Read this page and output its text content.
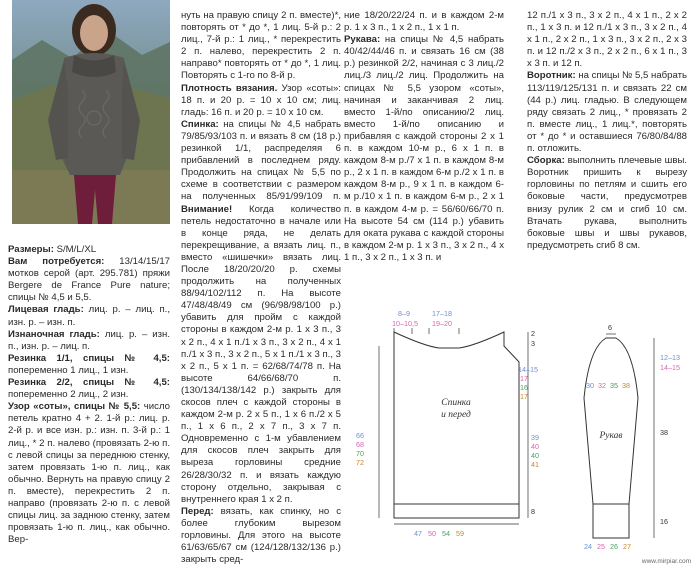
Размеры: S/M/L/XL

Вам потребуется: 13/14/15/17 мотков серой (арт. 295.781) пряжи Bergere de France Pure nature; спицы № 4,5 и 5,5.

Лицевая гладь: лиц. р. – лиц. п., изн. р. – изн. п.

Изнаночная гладь: лиц. р. – изн. п., изн. р. – лиц. п.

Резинка 1/1, спицы № 4,5: попеременно 1 лиц., 1 изн.

Резинка 2/2, спицы № 4,5: попеременно 2 лиц., 2 изн.

Узор «соты», спицы № 5,5: число петель кратно 4 + 2. 1-й р.: лиц. р. 2-й р. и все изн. р.: изн. п. 3-й р.: 1 лиц., * 2 п. налево (провязать 2-ю п. с левой спицы за переднюю стенку, затем провязать 1-ю п. лиц., как обычно. Вернуть на правую спицу 2 п. вместе), перекрестить 2 п. направо (провязать 2-ю п. с левой спицы лиц. за заднюю стенку, затем провязать 1-ю п. лиц., как обычно. Вер-

нуть на правую спицу 2 п. вместе)*, повторять от * до *, 1 лиц. 5-й р.: 2 лиц., 7-й р.: 1 лиц., * перекрестить 2 п. налево, перекрестить 2 п. направо* повторять от * до *, 1 лиц. Повторять с 1-го по 8-й р.

Плотность вязания. Узор «соты»: 18 п. и 20 р. = 10 х 10 см; лиц. гладь: 16 п. и 20 р. = 10 х 10 см.

Спинка: на спицы № 4,5 набрать 79/85/93/103 п. и вязать 8 см (18 р.) резинкой 1/1, распределяя 6 прибавлений в последнем ряду. Продолжить на спицах № 5,5 по схеме в соответствии с размером на полученных 85/91/99/109 п. Внимание! Когда количество петель недостаточно в начале или в конце ряда, не делать перекрещивание, а вязать лиц. п., вместо «шишечки» вязать лиц. После 18/20/20/20 р. схемы продолжить на полученных 88/94/102/112 п. На высоте 47/48/48/49 см (96/98/98/100 р.) убавить для пройм с каждой стороны в каждом 2-м р. 1 х 3 п., 3 х 2 п., 4 х 1 п./1 х 3 п., 3 х 2 п., 4 х 1 п./1 х 3 п., 3 х 2 п., 5 х 1 п./1 х 3 п., 3 х 2 п., 5 х 1 п. = 62/68/74/78 п. На высоте 64/66/68/70 п. (130/134/138/142 р.) закрыть для скосов плеч с каждой стороны в каждом 2-м р. 2 х 5 п., 1 х 6 п./2 х 5 п., 1 х 6 п., 2 х 7 п., 3 х 7 п. Одновременно с 1-м убавлением для скосов плеч закрыть для выреза горловины средние 26/28/30/32 п. и вязать каждую сторону отдельно, закрывая с внутреннего края 1 х 2 п.

Перед: вязать, как спинку, но с более глубоким вырезом горловины. Для этого на высоте 61/63/65/67 см (124/128/132/136 р.) закрыть сред-

ние 18/20/22/24 п. и в каждом 2-м р. 1 х 3 п., 1 х 2 п., 1 х 1 п.

Рукава: на спицы № 4,5 набрать 40/42/44/46 п. и связать 16 см (38 р.) резинкой 2/2, начиная с 3 лиц./2 лиц./3 лиц./2 лиц. Продолжить на спицах № 5,5 узором «соты», начиная и заканчивая 2 лиц. вместо 1-й/по описанию/2 лиц. вместо 1-й/по описанию и прибавляя с каждой стороны 2 х 1 п. в каждом 10-м р., 6 х 1 п. в каждом 8-м р./7 х 1 п. в каждом 8-м р., 2 х 1 п. в каждом 6-м р./2 х 1 п. в каждом 8-м р., 9 х 1 п. в каждом 6-м р./10 х 1 п. в каждом 6-м р., 2 х 1 п. в каждом 4-м р. = 56/60/66/70 п. На высоте 54 см (114 р.) убавить для оката рукава с каждой стороны в каждом 2-м р. 1 х 3 п., 3 х 2 п., 4 х 1 п., 3 х 2 п., 1 х 3 п. и

12 п./1 х 3 п., 3 х 2 п., 4 х 1 п., 2 х 2 п., 1 х 3 п. и 12 п./1 х 3 п., 3 х 2 п., 4 х 1 п., 2 х 2 п., 1 х 3 п., 3 х 2 п., 2 х 3 п. и 12 п./2 х 3 п., 2 х 2 п., 6 х 1 п., 3 х 3 п. и 12 п.

Воротник: на спицы № 5,5 набрать 113/119/125/131 п. и связать 22 см (44 р.) лиц. гладью. В следующем ряду связать 2 лиц., * провязать 2 п. вместе лиц., 1 лиц.*, повторять от * до * и оставшиеся 76/80/84/88 п. отложить.

Сборка: выполнить плечевые швы. Воротник пришить к вырезу горловины по петлям и сшить его боковые части, предусмотрев внизу рулик 2 см и сгиб 10 см. Втачать рукава, выполнить боковые швы и швы рукавов, предусмотреть сгиб 8 см.

8–9
10–10,5
17–18
19–20
2
3
14–15
17
16
17
39
40
40
41
8
66
68
70
72
Спинка
и перед
47 50 54 59
6
12–13
14–15
30 32 35 38
Рукав	38
16
24 25 26 27
www.mirpiar.com
